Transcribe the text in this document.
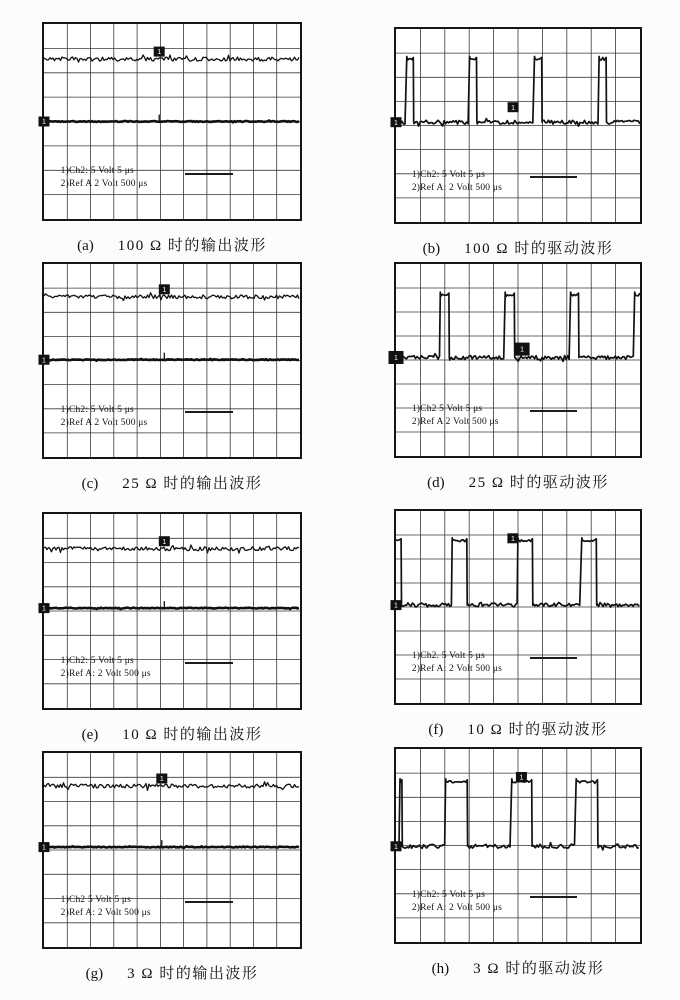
1
1
1)Ch2: 5 Volt 5 μs
2)Ref A 2 Volt 500 μs
(a) 100 Ω 时的输出波形
1
1
1)Ch2: 5 Volt 5 μs
2)Ref A: 2 Volt 500 μs
(b) 100 Ω 时的驱动波形
1
1
1)Ch2: 5 Volt 5 μs
2)Ref A 2 Volt 500 μs
(c) 25 Ω 时的输出波形
1
1
1)Ch2 5 Volt 5 μs
2)Ref A 2 Volt 500 μs
(d) 25 Ω 时的驱动波形
1
1
1)Ch2: 5 Volt 5 μs
2)Ref A: 2 Volt 500 μs
(e) 10 Ω 时的输出波形
1
1
1)Ch2. 5 Volt 5 μs
2)Ref A: 2 Volt 500 μs
(f) 10 Ω 时的驱动波形
1
1
1)Ch2 5 Volt 5 μs
2)Ref A: 2 Volt 500 μs
(g) 3 Ω 时的输出波形
1
1
1)Ch2: 5 Volt 5 μs
2)Ref A: 2 Volt 500 μs
(h) 3 Ω 时的驱动波形
